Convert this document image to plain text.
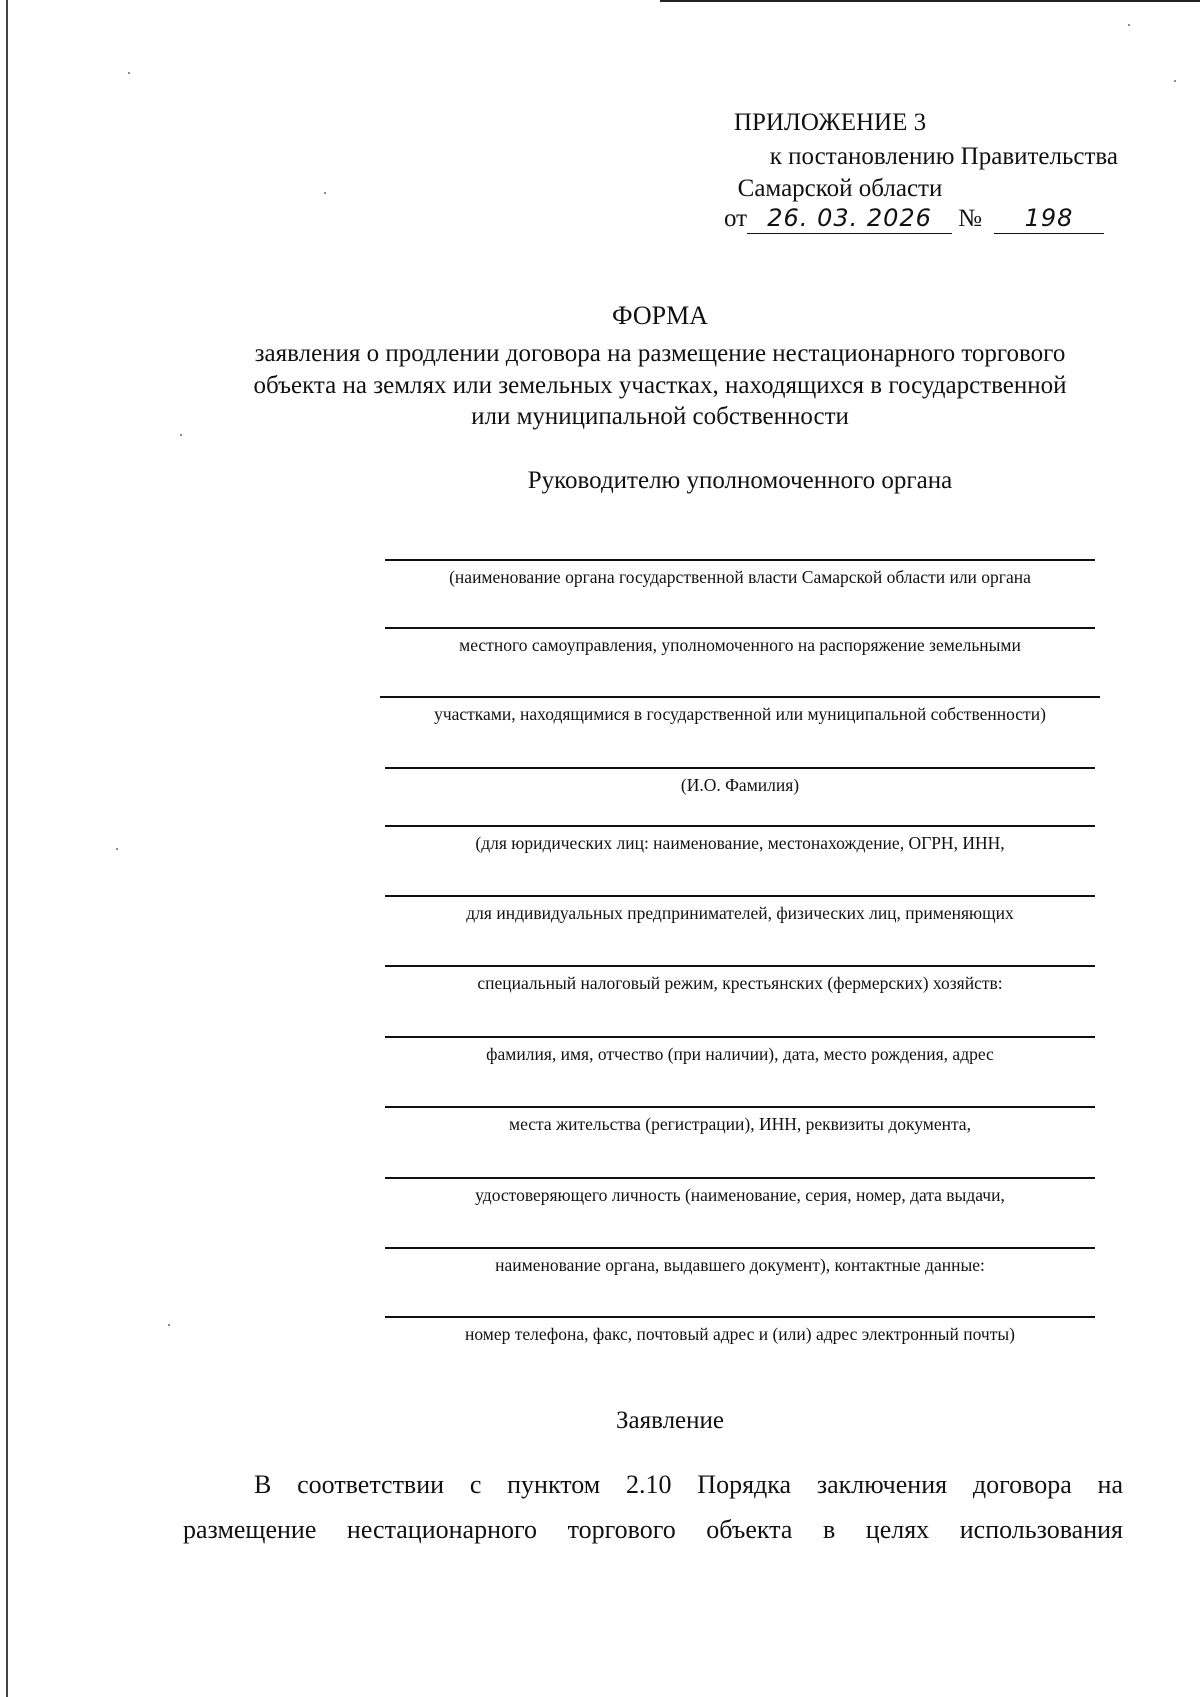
ПРИЛОЖЕНИЕ 3
к постановлению Правительства
Самарской области
от 26. 03. 2026 № 198
ФОРМА
заявления о продлении договора на размещение нестационарного торгового
объекта на землях или земельных участках, находящихся в государственной
или муниципальной собственности
Руководителю уполномоченного органа
(наименование органа государственной власти Самарской области или органа
местного самоуправления, уполномоченного на распоряжение земельными
участками, находящимися в государственной или муниципальной собственности)
(И.О. Фамилия)
(для юридических лиц: наименование, местонахождение, ОГРН, ИНН,
для индивидуальных предпринимателей, физических лиц, применяющих
специальный налоговый режим, крестьянских (фермерских) хозяйств:
фамилия, имя, отчество (при наличии), дата, место рождения, адрес
места жительства (регистрации), ИНН, реквизиты документа,
удостоверяющего личность (наименование, серия, номер, дата выдачи,
наименование органа, выдавшего документ), контактные данные:
номер телефона, факс, почтовый адрес и (или) адрес электронный почты)
Заявление
В соответствии с пунктом 2.10 Порядка заключения договора на
размещение нестационарного торгового объекта в целях использования
